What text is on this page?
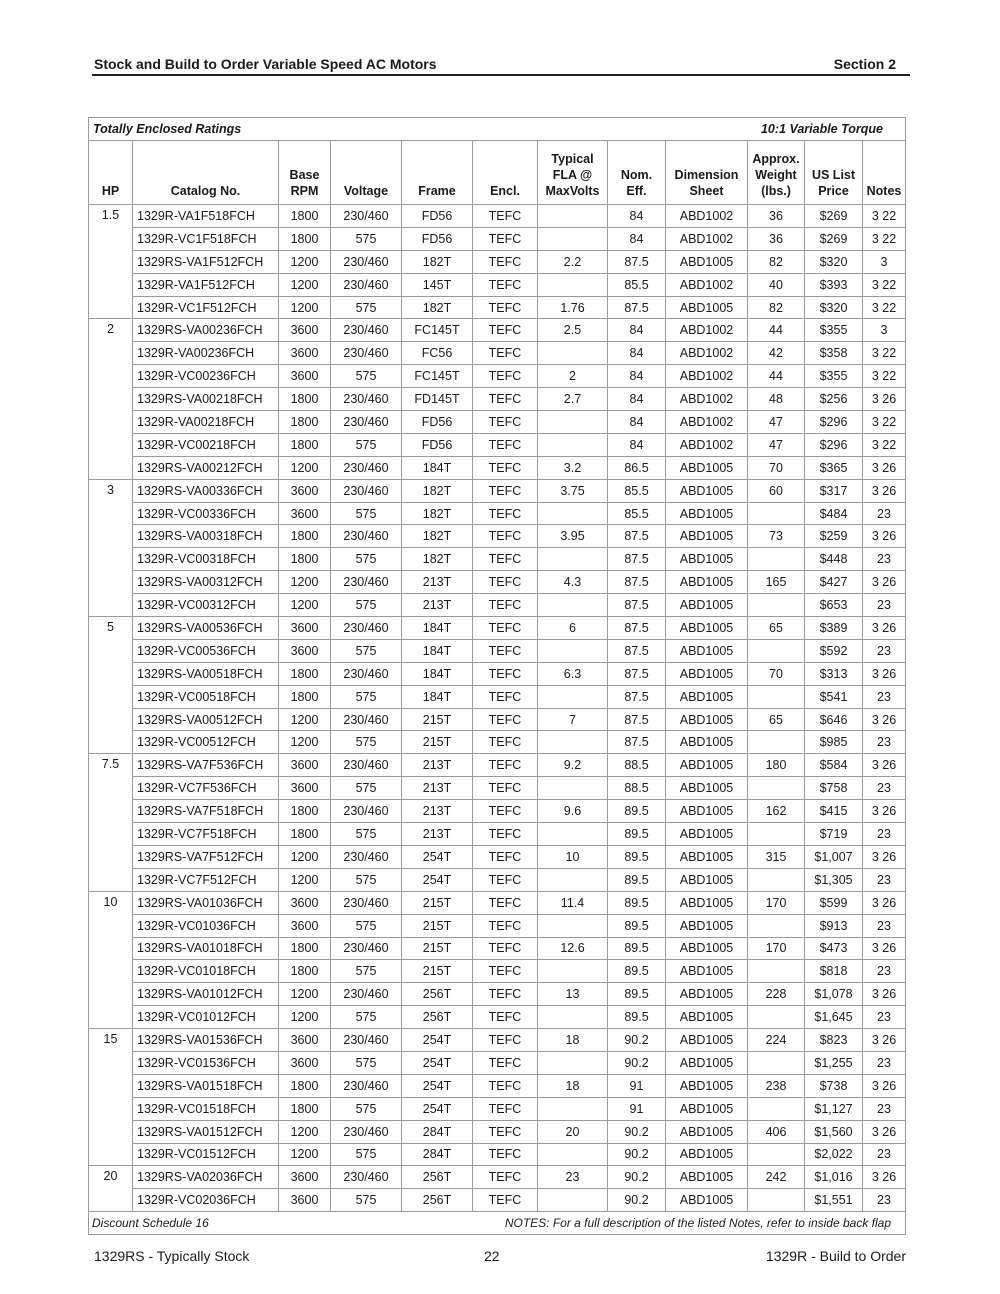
Stock and Build to Order Variable Speed AC Motors	Section 2
Totally Enclosed Ratings						10:1 Variable Torque					
HP	Catalog No.	Base RPM	Voltage	Frame	Encl.	Typical FLA @ MaxVolts	Nom. Eff.	Dimension Sheet	Approx. Weight (lbs.)	US List Price	Notes
1.5	1329R-VA1F518FCH	1800	230/460	FD56	TEFC		84	ABD1002	36	$269	3 22
	1329R-VC1F518FCH	1800	575	FD56	TEFC		84	ABD1002	36	$269	3 22
	1329RS-VA1F512FCH	1200	230/460	182T	TEFC	2.2	87.5	ABD1005	82	$320	3
	1329R-VA1F512FCH	1200	230/460	145T	TEFC		85.5	ABD1002	40	$393	3 22
	1329R-VC1F512FCH	1200	575	182T	TEFC	1.76	87.5	ABD1005	82	$320	3 22
2	1329RS-VA00236FCH	3600	230/460	FC145T	TEFC	2.5	84	ABD1002	44	$355	3
	1329R-VA00236FCH	3600	230/460	FC56	TEFC		84	ABD1002	42	$358	3 22
	1329R-VC00236FCH	3600	575	FC145T	TEFC	2	84	ABD1002	44	$355	3 22
	1329RS-VA00218FCH	1800	230/460	FD145T	TEFC	2.7	84	ABD1002	48	$256	3 26
	1329R-VA00218FCH	1800	230/460	FD56	TEFC		84	ABD1002	47	$296	3 22
	1329R-VC00218FCH	1800	575	FD56	TEFC		84	ABD1002	47	$296	3 22
	1329RS-VA00212FCH	1200	230/460	184T	TEFC	3.2	86.5	ABD1005	70	$365	3 26
3	1329RS-VA00336FCH	3600	230/460	182T	TEFC	3.75	85.5	ABD1005	60	$317	3 26
	1329R-VC00336FCH	3600	575	182T	TEFC		85.5	ABD1005		$484	23
	1329RS-VA00318FCH	1800	230/460	182T	TEFC	3.95	87.5	ABD1005	73	$259	3 26
	1329R-VC00318FCH	1800	575	182T	TEFC		87.5	ABD1005		$448	23
	1329RS-VA00312FCH	1200	230/460	213T	TEFC	4.3	87.5	ABD1005	165	$427	3 26
	1329R-VC00312FCH	1200	575	213T	TEFC		87.5	ABD1005		$653	23
5	1329RS-VA00536FCH	3600	230/460	184T	TEFC	6	87.5	ABD1005	65	$389	3 26
	1329R-VC00536FCH	3600	575	184T	TEFC		87.5	ABD1005		$592	23
	1329RS-VA00518FCH	1800	230/460	184T	TEFC	6.3	87.5	ABD1005	70	$313	3 26
	1329R-VC00518FCH	1800	575	184T	TEFC		87.5	ABD1005		$541	23
	1329RS-VA00512FCH	1200	230/460	215T	TEFC	7	87.5	ABD1005	65	$646	3 26
	1329R-VC00512FCH	1200	575	215T	TEFC		87.5	ABD1005		$985	23
7.5	1329RS-VA7F536FCH	3600	230/460	213T	TEFC	9.2	88.5	ABD1005	180	$584	3 26
	1329R-VC7F536FCH	3600	575	213T	TEFC		88.5	ABD1005		$758	23
	1329RS-VA7F518FCH	1800	230/460	213T	TEFC	9.6	89.5	ABD1005	162	$415	3 26
	1329R-VC7F518FCH	1800	575	213T	TEFC		89.5	ABD1005		$719	23
	1329RS-VA7F512FCH	1200	230/460	254T	TEFC	10	89.5	ABD1005	315	$1,007	3 26
	1329R-VC7F512FCH	1200	575	254T	TEFC		89.5	ABD1005		$1,305	23
10	1329RS-VA01036FCH	3600	230/460	215T	TEFC	11.4	89.5	ABD1005	170	$599	3 26
	1329R-VC01036FCH	3600	575	215T	TEFC		89.5	ABD1005		$913	23
	1329RS-VA01018FCH	1800	230/460	215T	TEFC	12.6	89.5	ABD1005	170	$473	3 26
	1329R-VC01018FCH	1800	575	215T	TEFC		89.5	ABD1005		$818	23
	1329RS-VA01012FCH	1200	230/460	256T	TEFC	13	89.5	ABD1005	228	$1,078	3 26
	1329R-VC01012FCH	1200	575	256T	TEFC		89.5	ABD1005		$1,645	23
15	1329RS-VA01536FCH	3600	230/460	254T	TEFC	18	90.2	ABD1005	224	$823	3 26
	1329R-VC01536FCH	3600	575	254T	TEFC		90.2	ABD1005		$1,255	23
	1329RS-VA01518FCH	1800	230/460	254T	TEFC	18	91	ABD1005	238	$738	3 26
	1329R-VC01518FCH	1800	575	254T	TEFC		91	ABD1005		$1,127	23
	1329RS-VA01512FCH	1200	230/460	284T	TEFC	20	90.2	ABD1005	406	$1,560	3 26
	1329R-VC01512FCH	1200	575	284T	TEFC		90.2	ABD1005		$2,022	23
20	1329RS-VA02036FCH	3600	230/460	256T	TEFC	23	90.2	ABD1005	242	$1,016	3 26
	1329R-VC02036FCH	3600	575	256T	TEFC		90.2	ABD1005		$1,551	23
Discount Schedule 16				NOTES: For a full description of the listed Notes, refer to inside back flap							
1329RS - Typically Stock	22	1329R - Build to Order
